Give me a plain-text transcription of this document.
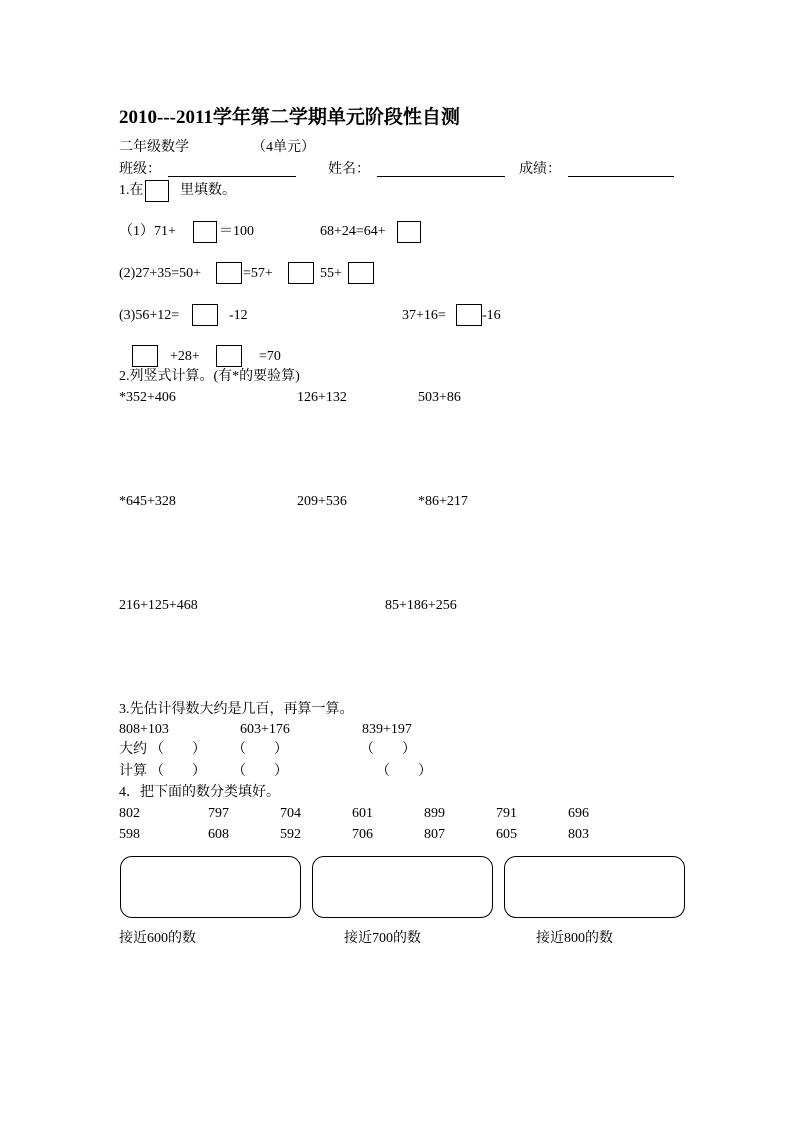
2010---2011学年第二学期单元阶段性自测
二年级数学	（4单元）
班级：	姓名：	成绩：
1.在	里填数。
（1）71+	＝100	68+24=64+
(2)27+35=50+	=57+	55+
(3)56+12=	-12	37+16=	-16
+28+	=70
2.列竖式计算。(有*的要验算)
*352+406	126+132	503+86
*645+328	209+536	*86+217
216+125+468	85+186+256
3.先估计得数大约是几百，再算一算。
808+103	603+176	839+197
大约 （　　） （　　）	（　　）
计算 （　　） （　　）	（　　）
4．把下面的数分类填好。
802	797	704	601	899	791	696
598	608	592	706	807	605	803
接近600的数	接近700的数	接近800的数
